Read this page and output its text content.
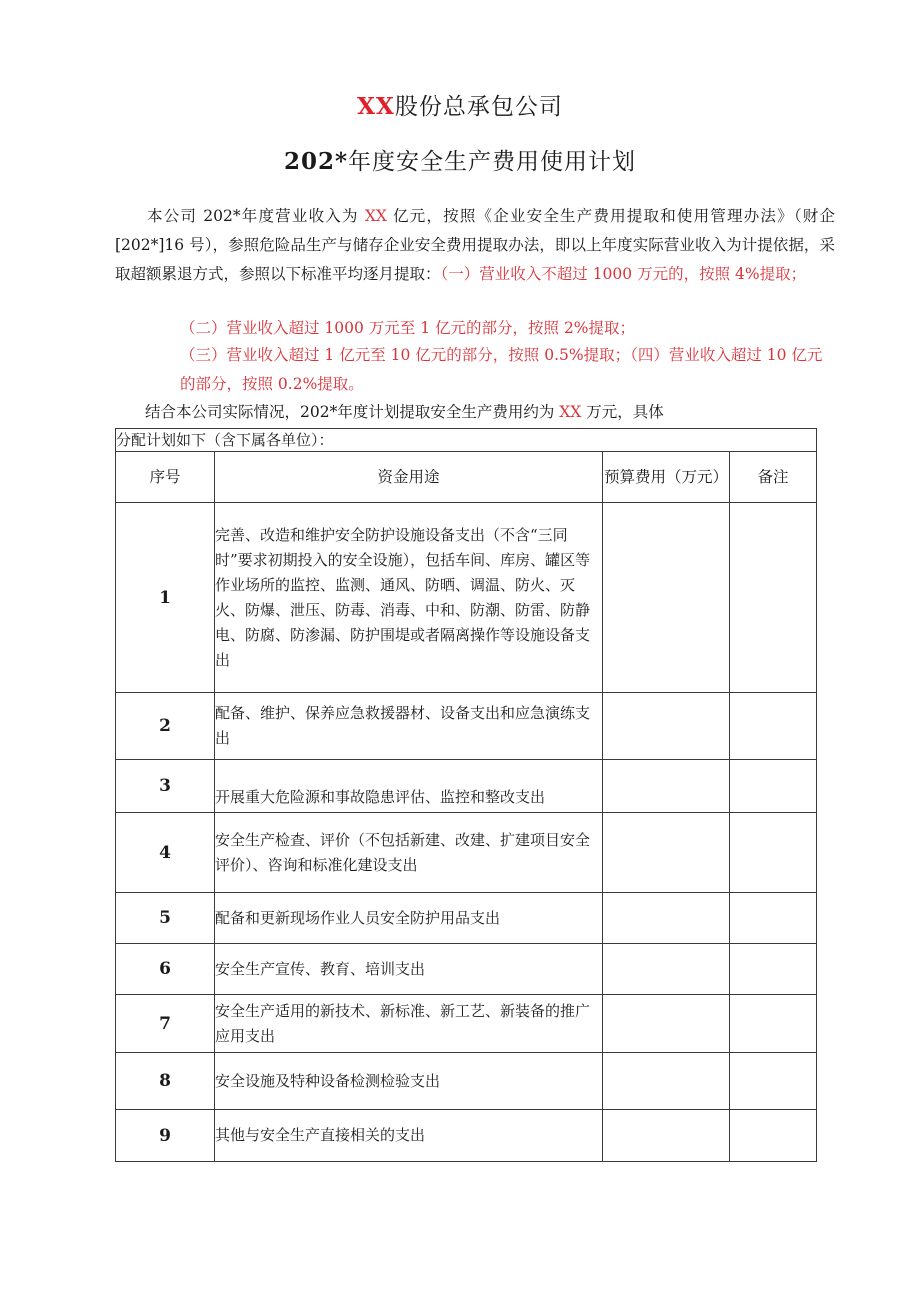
XX股份总承包公司
202*年度安全生产费用使用计划
本公司 202*年度营业收入为 XX 亿元，按照《企业安全生产费用提取和使用管理办法》（财企[202*]16 号），参照危险品生产与储存企业安全费用提取办法，即以上年度实际营业收入为计提依据，采取超额累退方式，参照以下标准平均逐月提取：（一）营业收入不超过 1000 万元的，按照 4%提取；
（二）营业收入超过 1000 万元至 1 亿元的部分，按照 2%提取；
（三）营业收入超过 1 亿元至 10 亿元的部分，按照 0.5%提取；（四）营业收入超过 10 亿元的部分，按照 0.2%提取。
结合本公司实际情况，202*年度计划提取安全生产费用约为 XX 万元，具体
分配计划如下（含下属各单位）：			
序号	资金用途	预算费用（万元）	备注
1	完善、改造和维护安全防护设施设备支出（不含“三同时”要求初期投入的安全设施），包括车间、库房、罐区等作业场所的监控、监测、通风、防晒、调温、防火、灭火、防爆、泄压、防毒、消毒、中和、防潮、防雷、防静电、防腐、防渗漏、防护围堤或者隔离操作等设施设备支出		
2	配备、维护、保养应急救援器材、设备支出和应急演练支出		
3	开展重大危险源和事故隐患评估、监控和整改支出		
4	安全生产检查、评价（不包括新建、改建、扩建项目安全评价）、咨询和标准化建设支出		
5	配备和更新现场作业人员安全防护用品支出		
6	安全生产宣传、教育、培训支出		
7	安全生产适用的新技术、新标准、新工艺、新装备的推广应用支出		
8	安全设施及特种设备检测检验支出		
9	其他与安全生产直接相关的支出		
